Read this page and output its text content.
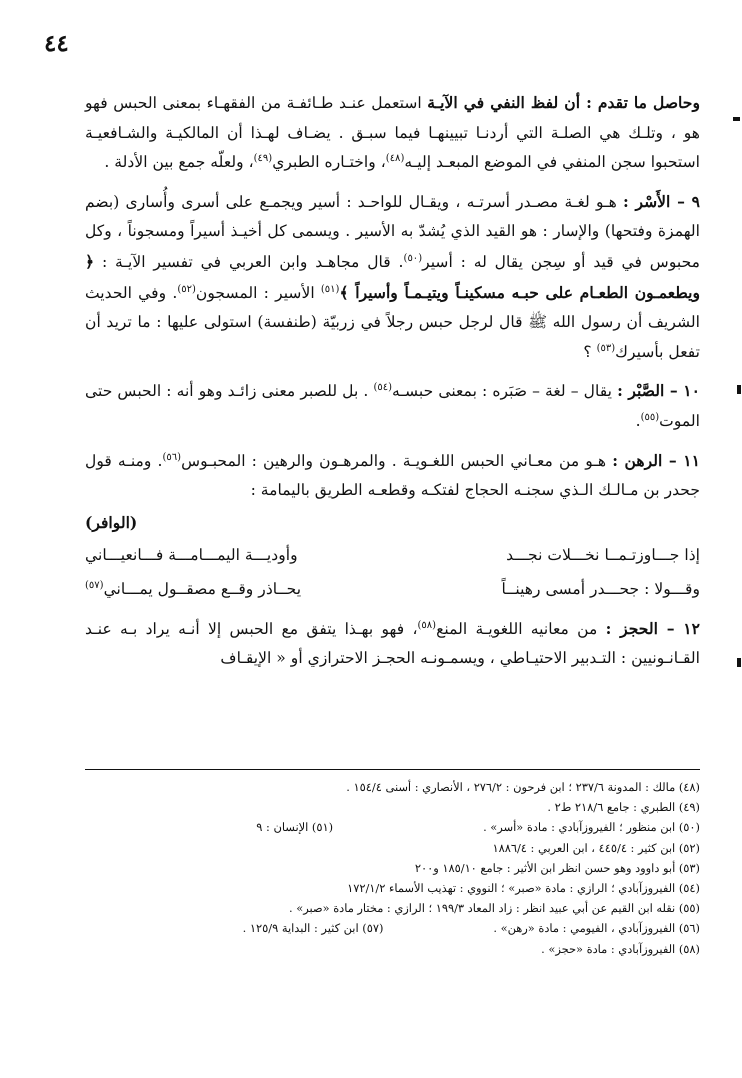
٤٤

وحاصل ما تقدم : أن لفظ النفي في الآيـة استعمل عنـد طـائفـة من الفقهـاء بمعنى الحبس فهو هو ، وتلـك هي الصلـة التي أردنـا تبيينهـا فيما سبـق . يضـاف لهـذا أن المالكيـة والشـافعيـة استحبوا سجن المنفي في الموضع المبعـد إليـه$^{(٤٨)}$، واختـاره الطبري$^{(٤٩)}$، ولعلّه جمع بين الأدلة .

٩ – الأَسْر : هـو لغـة مصـدر أسرتـه ، ويقـال للواحـد : أسير ويجمـع على أسرى وأُسارى (بضم الهمزة وفتحها) والإسار : هو القيد الذي يُشدّ به الأسير . ويسمى كل أخيـذ أسيراً ومسجوناً ، وكل محبوس في قيد أو سِجن يقال له : أسير$^{(٥٠)}$. قال مجاهـد وابن العربي في تفسير الآيـة : ﴿ ويطعمـون الطعـام على حبـه مسكينـاً ويتيـمـاً وأسيراً ﴾$^{(٥١)}$ الأسير : المسجون$^{(٥٢)}$. وفي الحديث الشريف أن رسول الله ﷺ قال لرجل حبس رجلاً في زربيّة (طنفسة) استولى عليها : ما تريد أن تفعل بأسيرك$^{(٥٣)}$ ؟

١٠ – الصَّبْر : يقال – لغة – صَبَره : بمعنى حبسـه$^{(٥٤)}$ . بل للصبر معنى زائـد وهو أنه : الحبس حتى الموت$^{(٥٥)}$.

١١ – الرهن : هـو من معـاني الحبس اللغـويـة . والمرهـون والرهين : المحبـوس$^{(٥٦)}$. ومنـه قول جحدر بن مـالـك الـذي سجنـه الحجاج لفتكـه وقطعـه الطريق باليمامة :

(الوافر)
إذا جـــاوزتـمــا نخـــلات نجـــد
وأوديـــة اليمـــامـــة فـــانعيـــاني
وقـــولا : جحـــدر أمسى رهينــاً
يحــاذر وقــع مصقــول يمـــاني$^{(٥٧)}$

١٢ – الحجز : من معانيه اللغويـة المنع$^{(٥٨)}$، فهو بهـذا يتفق مع الحبس إلا أنـه يراد بـه عنـد القـانـونيين : التـدبير الاحتيـاطي ، ويسمـونـه الحجـز الاحترازي أو « الإيقـاف

(٤٨) مالك : المدونة ٢٣٧/٦ ؛ ابن فرحون : ٢٧٦/٢ ، الأنصاري : أسنى ١٥٤/٤ .
(٤٩) الطبري : جامع ٢١٨/٦ ط٢ .
(٥٠) ابن منظور ؛ الفيروزآبادي : مادة «أسر» .
(٥١) الإنسان : ٩
(٥٢) ابن كثير : ٤٤٥/٤ ، ابن العربي : ١٨٨٦/٤
(٥٣) أبو داوود وهو حسن انظر ابن الأثير : جامع ١٨٥/١٠ و٢٠٠
(٥٤) الفيروزآبادي ؛ الرازي : مادة «صبر» ؛ النووي : تهذيب الأسماء ١٧٢/١/٢
(٥٥) نقله ابن القيم عن أبي عبيد انظر : زاد المعاد ١٩٩/٣ ؛ الرازي : مختار مادة «صبر» .
(٥٦) الفيروزآبادي ، الفيومي : مادة «رهن» .
(٥٧) ابن كثير : البداية ١٢٥/٩ .
(٥٨) الفيروزآبادي : مادة «حجز» .
